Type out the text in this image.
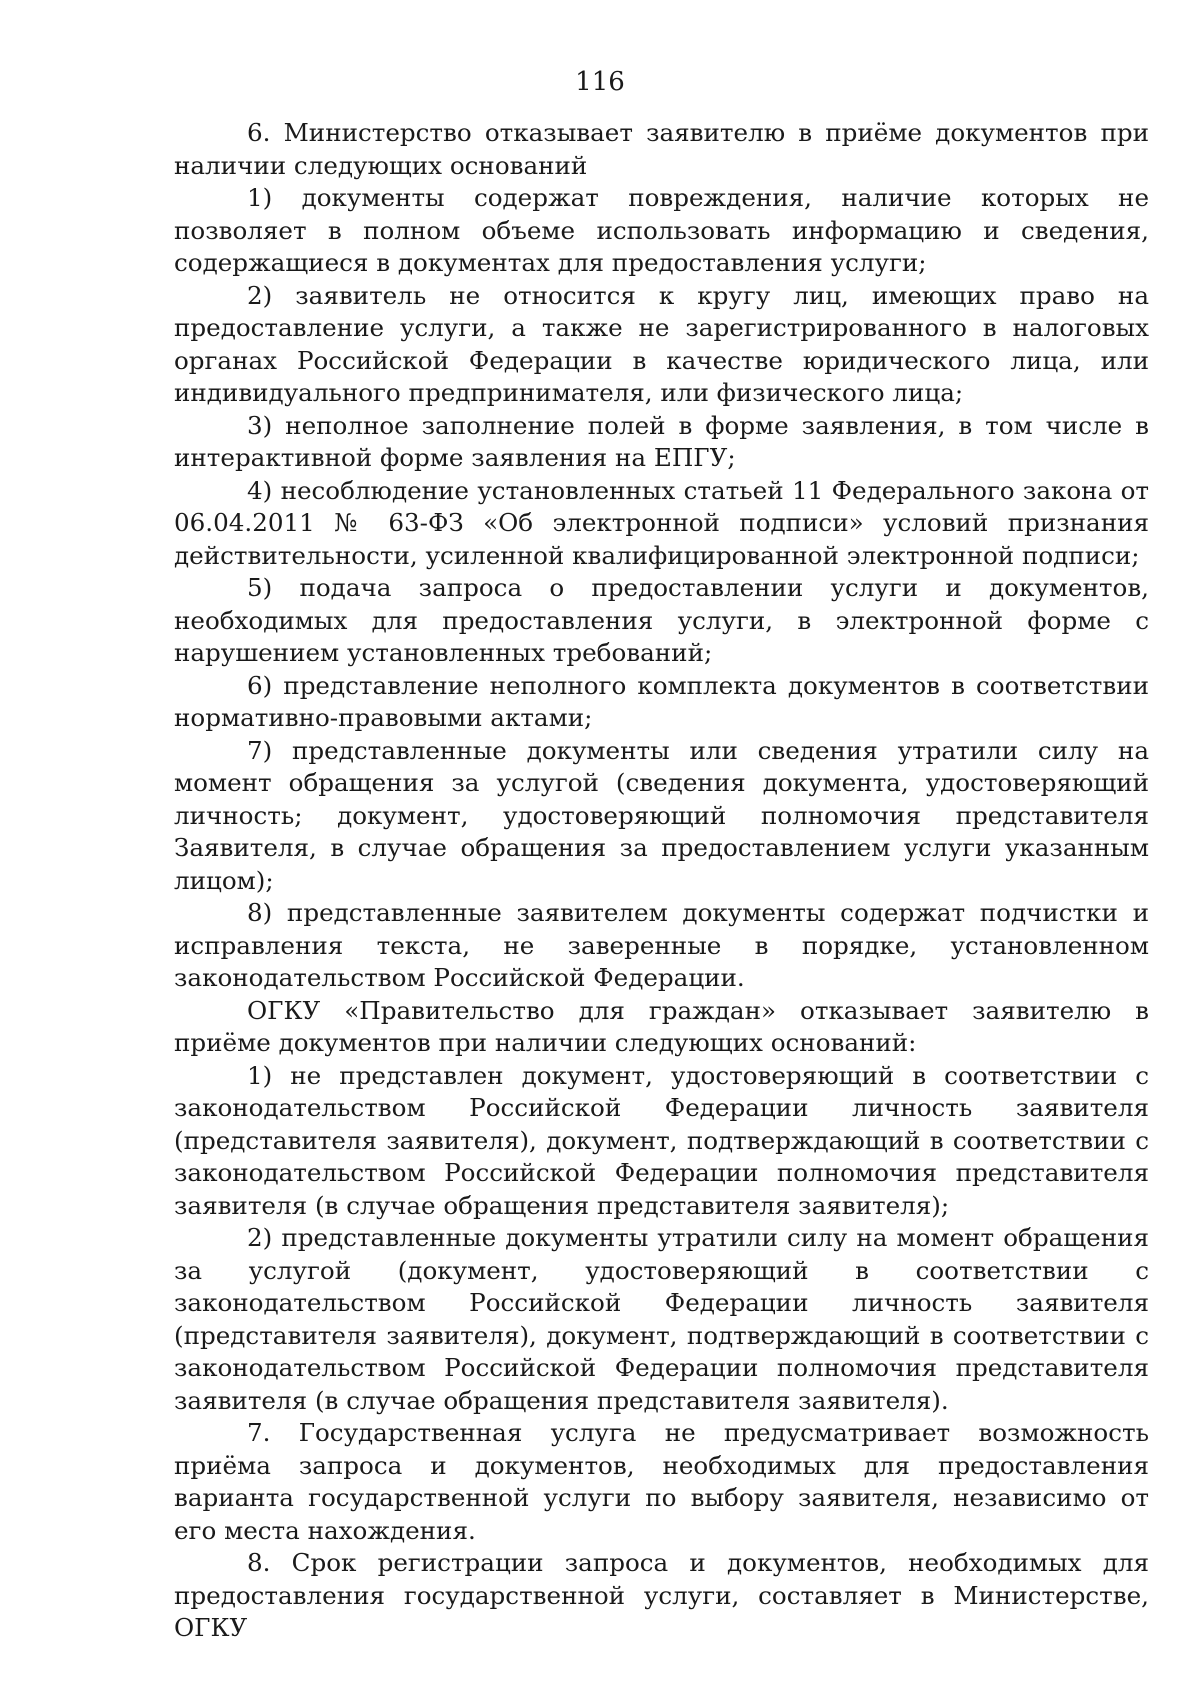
116

6. Министерство отказывает заявителю в приёме документов при наличии следующих оснований

1) документы содержат повреждения, наличие которых не позволяет в полном объеме использовать информацию и сведения, содержащиеся в документах для предоставления услуги;

2) заявитель не относится к кругу лиц, имеющих право на предоставление услуги, а также не зарегистрированного в налоговых органах Российской Федерации в качестве юридического лица, или индивидуального предпринимателя, или физического лица;

3) неполное заполнение полей в форме заявления, в том числе в интерактивной форме заявления на ЕПГУ;

4) несоблюдение установленных статьей 11 Федерального закона от 06.04.2011 № 63-ФЗ «Об электронной подписи» условий признания действительности, усиленной квалифицированной электронной подписи;

5) подача запроса о предоставлении услуги и документов, необходимых для предоставления услуги, в электронной форме с нарушением установленных требований;

6) представление неполного комплекта документов в соответствии нормативно-правовыми актами;

7) представленные документы или сведения утратили силу на момент обращения за услугой (сведения документа, удостоверяющий личность; документ, удостоверяющий полномочия представителя Заявителя, в случае обращения за предоставлением услуги указанным лицом);

8) представленные заявителем документы содержат подчистки и исправления текста, не заверенные в порядке, установленном законодательством Российской Федерации.

ОГКУ «Правительство для граждан» отказывает заявителю в приёме документов при наличии следующих оснований:

1) не представлен документ, удостоверяющий в соответствии с законодательством Российской Федерации личность заявителя (представителя заявителя), документ, подтверждающий в соответствии с законодательством Российской Федерации полномочия представителя заявителя (в случае обращения представителя заявителя);

2) представленные документы утратили силу на момент обращения за услугой (документ, удостоверяющий в соответствии с законодательством Российской Федерации личность заявителя (представителя заявителя), документ, подтверждающий в соответствии с законодательством Российской Федерации полномочия представителя заявителя (в случае обращения представителя заявителя).

7. Государственная услуга не предусматривает возможность приёма запроса и документов, необходимых для предоставления варианта государственной услуги по выбору заявителя, независимо от его места нахождения.

8. Срок регистрации запроса и документов, необходимых для предоставления государственной услуги, составляет в Министерстве, ОГКУ
